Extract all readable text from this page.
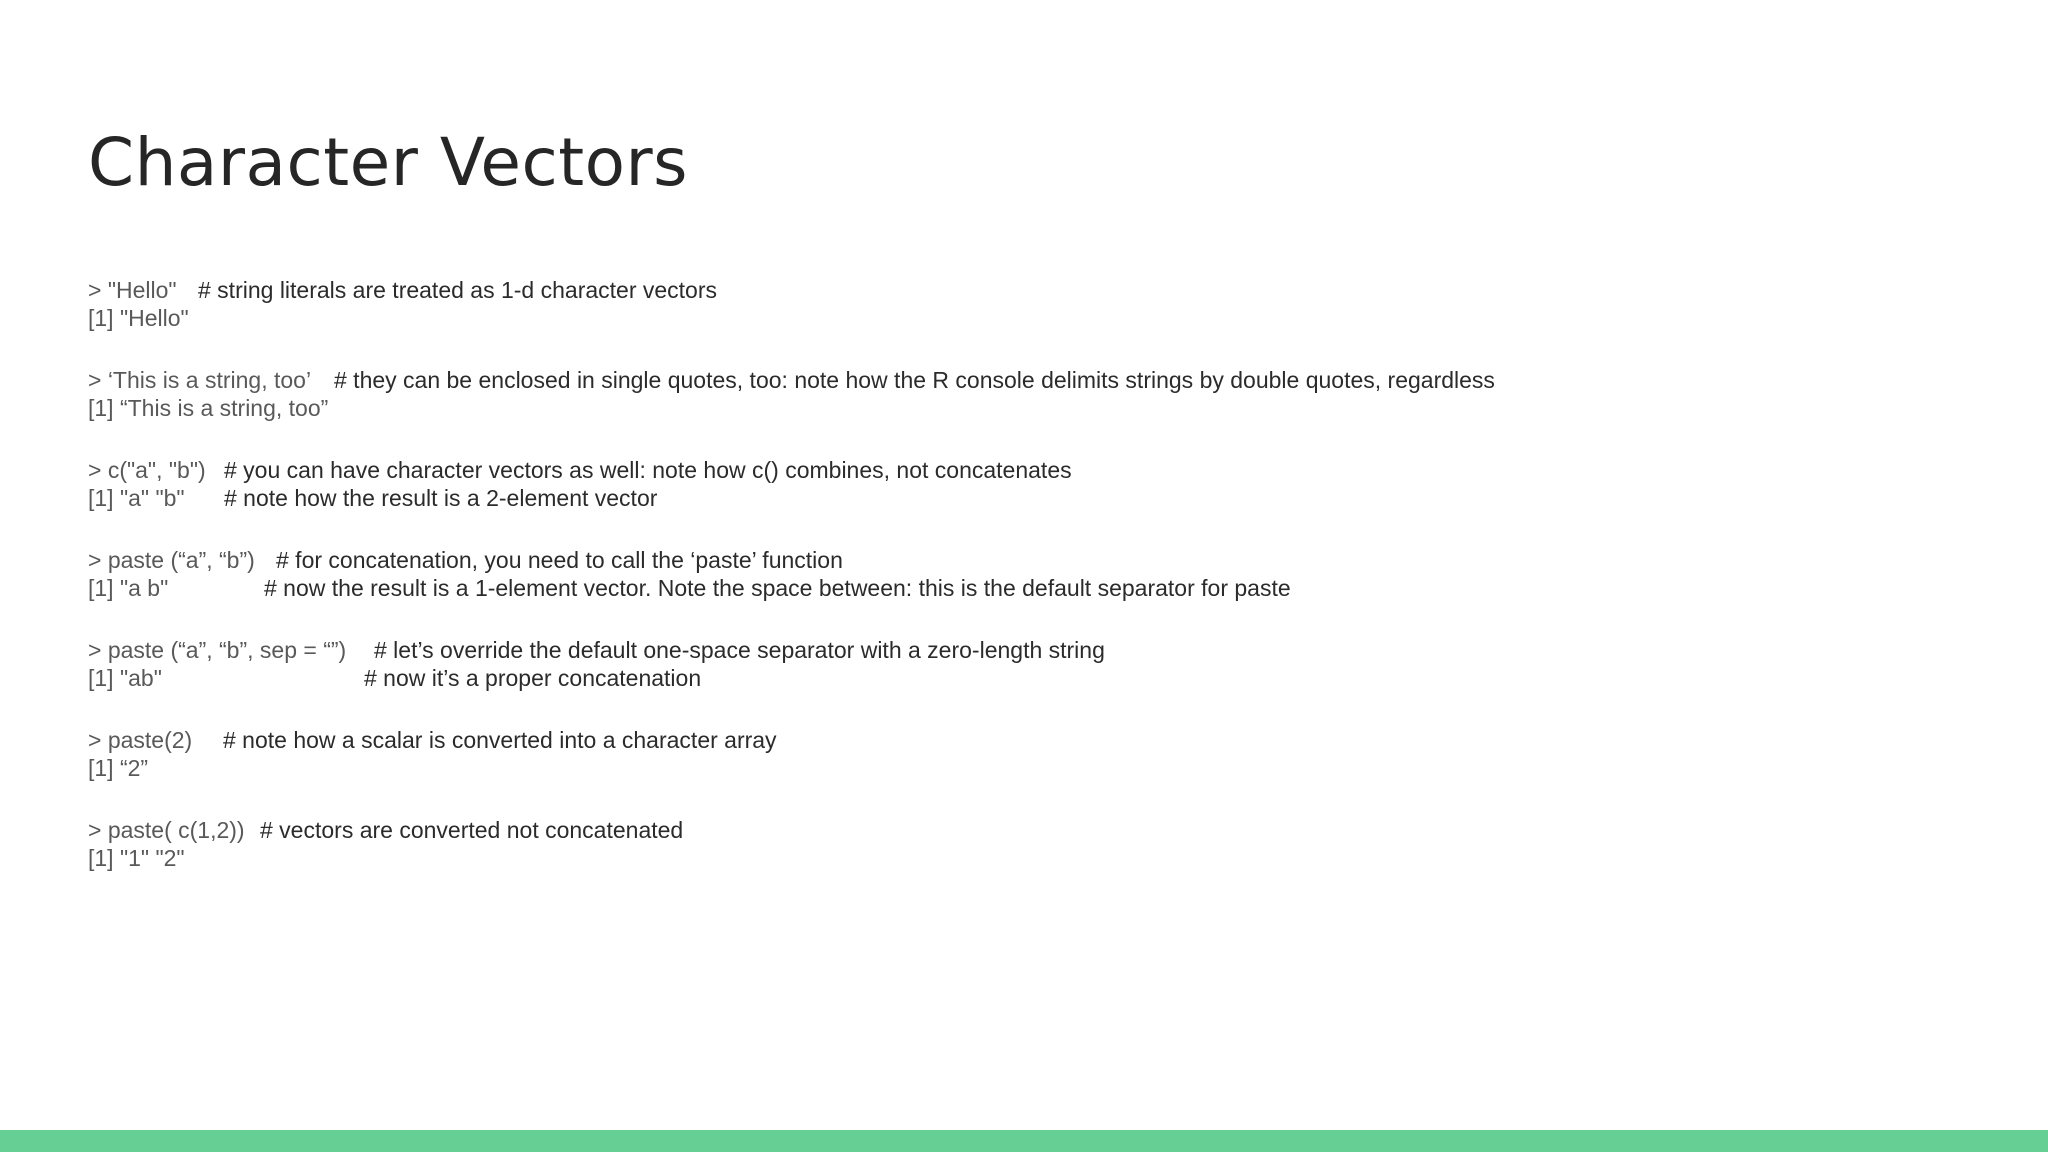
Character Vectors
> "Hello" # string literals are treated as 1-d character vectors
[1] "Hello"
> ‘This is a string, too’ # they can be enclosed in single quotes, too: note how the R console delimits strings by double quotes, regardless
[1] “This is a string, too”
> c("a", "b") # you can have character vectors as well: note how c() combines, not concatenates
[1] "a" "b" # note how the result is a 2-element vector
> paste (“a”, “b”) # for concatenation, you need to call the ‘paste’ function
[1] "a b"	# now the result is a 1-element vector. Note the space between: this is the default separator for paste
> paste (“a”, “b”, sep = “”) # let’s override the default one-space separator with a zero-length string
[1] "ab"	# now it’s a proper concatenation
> paste(2) # note how a scalar is converted into a character array
[1] “2”
> paste( c(1,2)) # vectors are converted not concatenated
[1] "1" "2"
